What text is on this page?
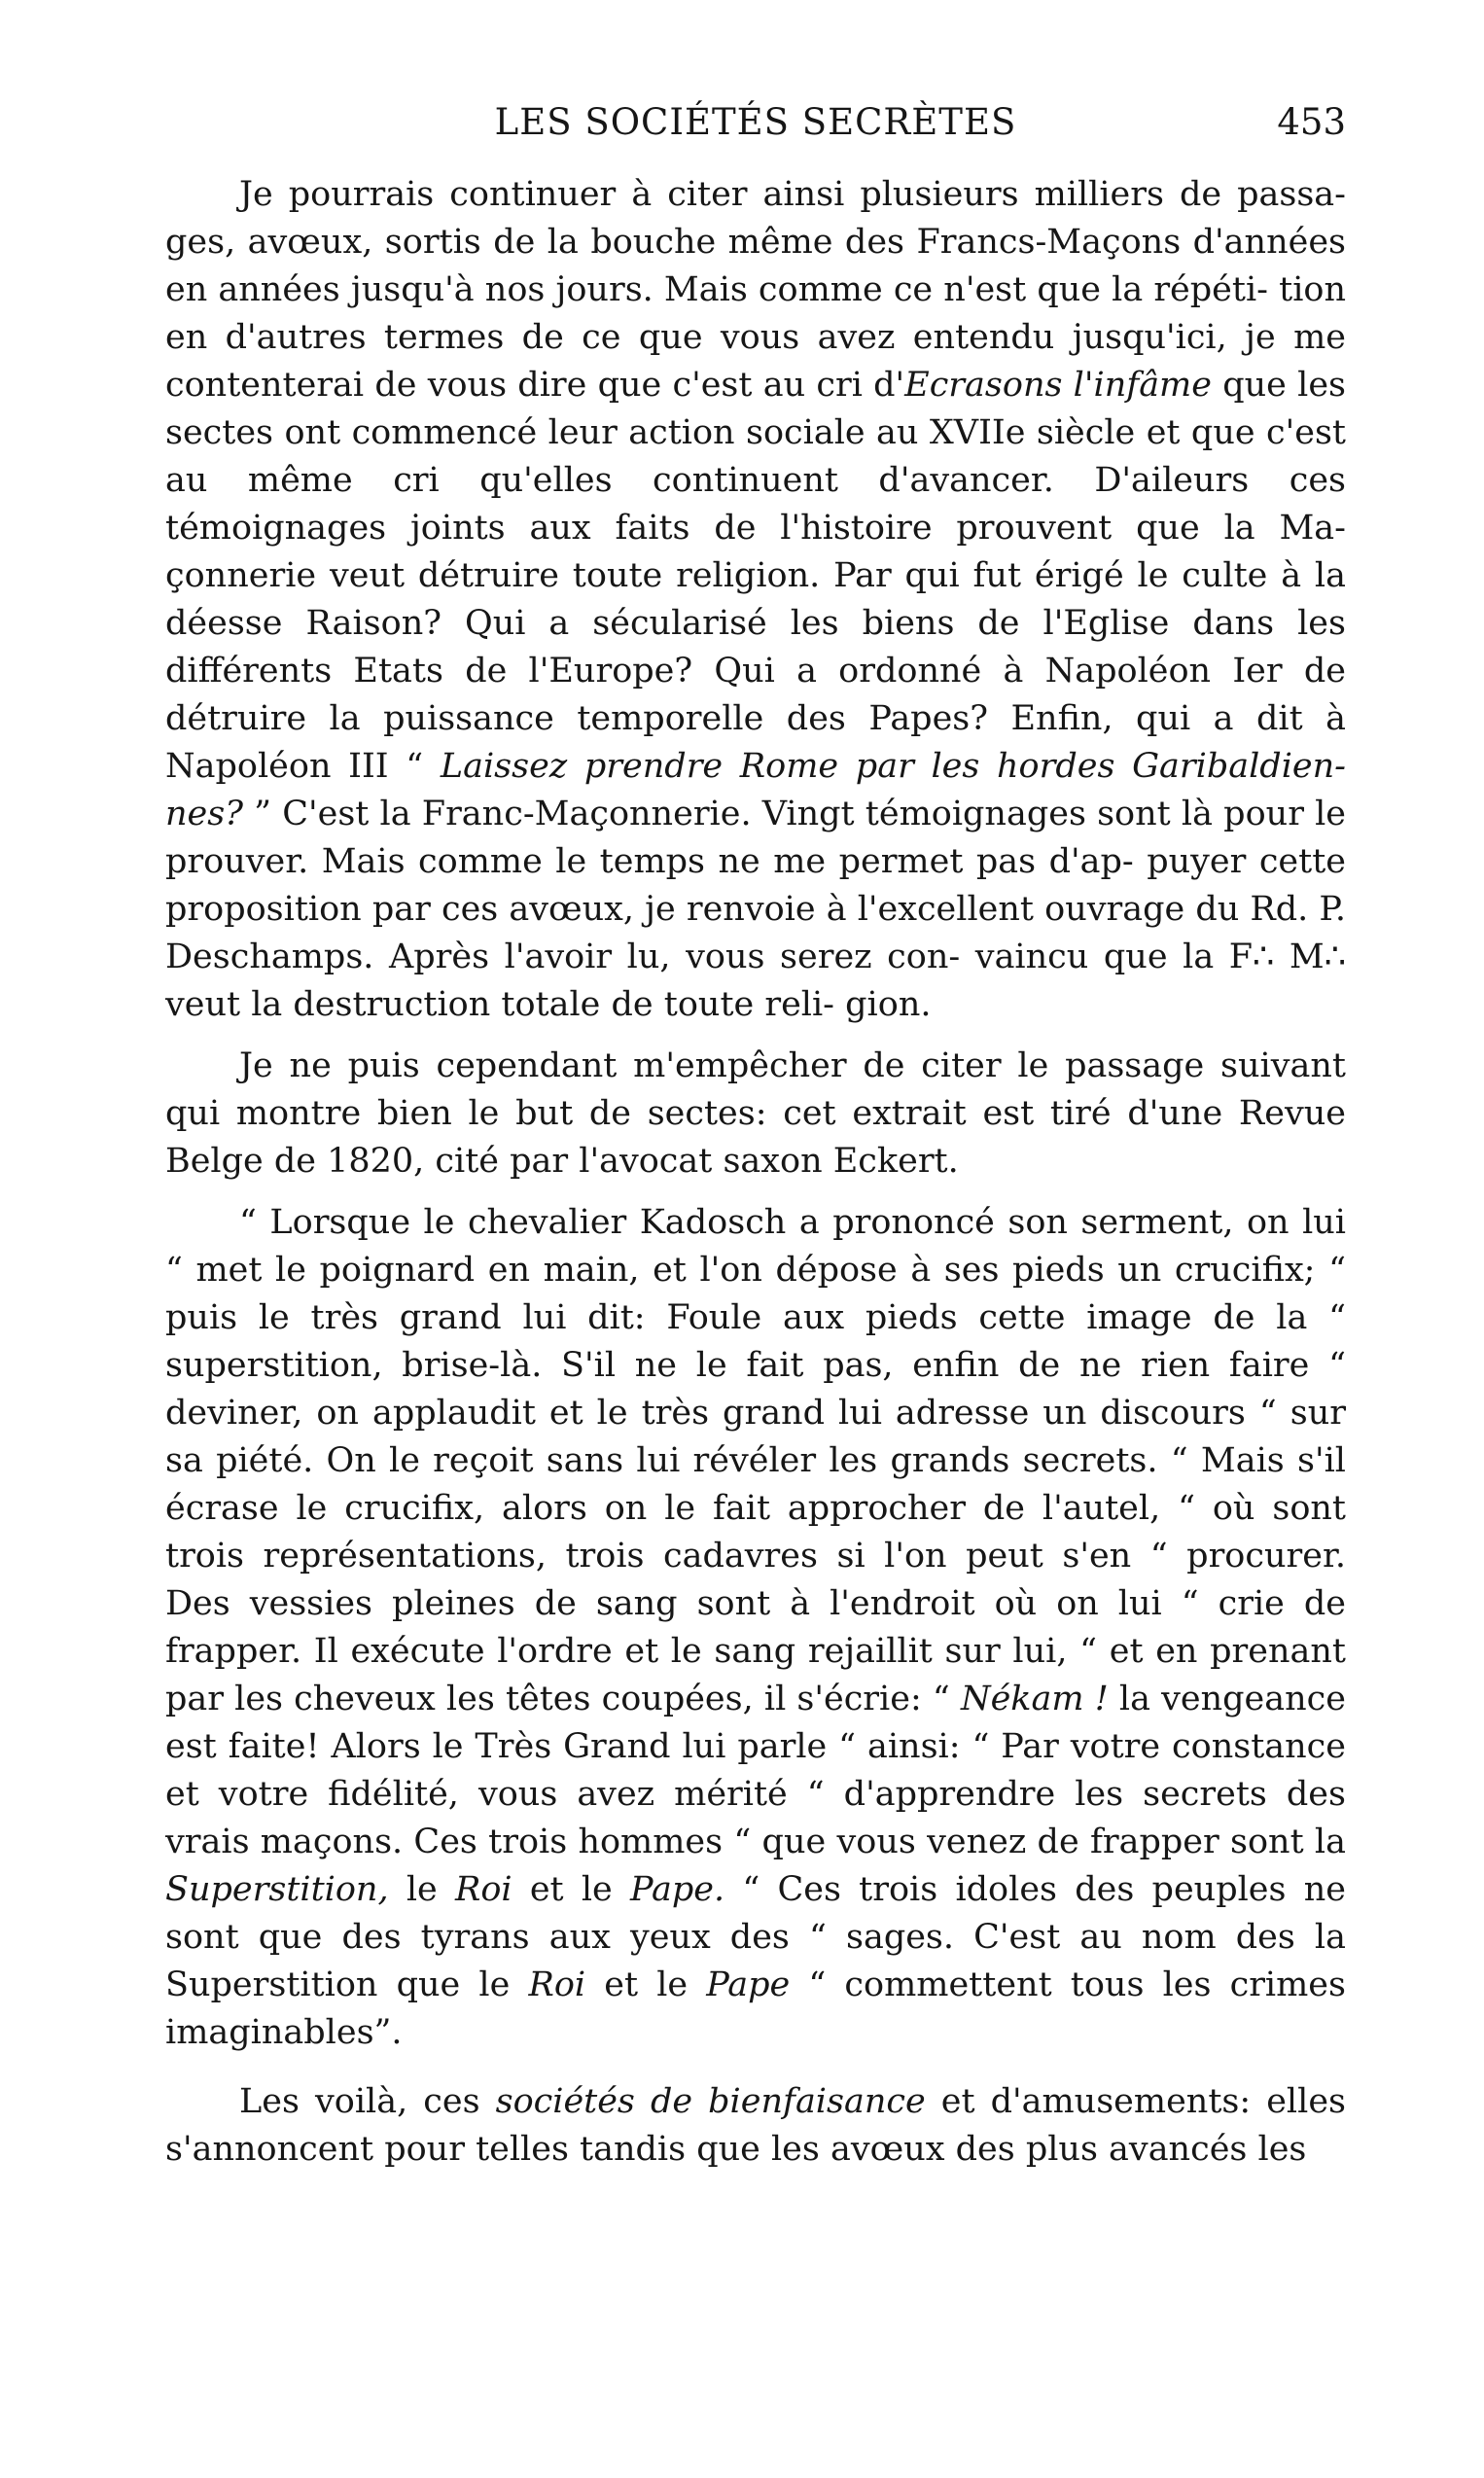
LES SOCIÉTÉS SECRÈTES	453
Je pourrais continuer à citer ainsi plusieurs milliers de passa- ges, avœux, sortis de la bouche même des Francs-Maçons d'années en années jusqu'à nos jours. Mais comme ce n'est que la répéti- tion en d'autres termes de ce que vous avez entendu jusqu'ici, je me contenterai de vous dire que c'est au cri d'Ecrasons l'infâme que les sectes ont commencé leur action sociale au XVIIe siècle et que c'est au même cri qu'elles continuent d'avancer. D'aileurs ces témoignages joints aux faits de l'histoire prouvent que la Ma- çonnerie veut détruire toute religion. Par qui fut érigé le culte à la déesse Raison? Qui a sécularisé les biens de l'Eglise dans les différents Etats de l'Europe? Qui a ordonné à Napoléon Ier de détruire la puissance temporelle des Papes? Enfin, qui a dit à Napoléon III “ Laissez prendre Rome par les hordes Garibaldien- nes? ” C'est la Franc-Maçonnerie. Vingt témoignages sont là pour le prouver. Mais comme le temps ne me permet pas d'ap- puyer cette proposition par ces avœux, je renvoie à l'excellent ouvrage du Rd. P. Deschamps. Après l'avoir lu, vous serez con- vaincu que la F∴ M∴ veut la destruction totale de toute reli- gion.
Je ne puis cependant m'empêcher de citer le passage suivant qui montre bien le but de sectes: cet extrait est tiré d'une Revue Belge de 1820, cité par l'avocat saxon Eckert.
“ Lorsque le chevalier Kadosch a prononcé son serment, on lui “ met le poignard en main, et l'on dépose à ses pieds un crucifix; “ puis le très grand lui dit: Foule aux pieds cette image de la “ superstition, brise-là. S'il ne le fait pas, enfin de ne rien faire “ deviner, on applaudit et le très grand lui adresse un discours “ sur sa piété. On le reçoit sans lui révéler les grands secrets. “ Mais s'il écrase le crucifix, alors on le fait approcher de l'autel, “ où sont trois représentations, trois cadavres si l'on peut s'en “ procurer. Des vessies pleines de sang sont à l'endroit où on lui “ crie de frapper. Il exécute l'ordre et le sang rejaillit sur lui, “ et en prenant par les cheveux les têtes coupées, il s'écrie: “ Nékam ! la vengeance est faite! Alors le Très Grand lui parle “ ainsi: “ Par votre constance et votre fidélité, vous avez mérité “ d'apprendre les secrets des vrais maçons. Ces trois hommes “ que vous venez de frapper sont la Superstition, le Roi et le Pape. “ Ces trois idoles des peuples ne sont que des tyrans aux yeux des “ sages. C'est au nom des la Superstition que le Roi et le Pape “ commettent tous les crimes imaginables”.
Les voilà, ces sociétés de bienfaisance et d'amusements: elles s'annoncent pour telles tandis que les avœux des plus avancés les
